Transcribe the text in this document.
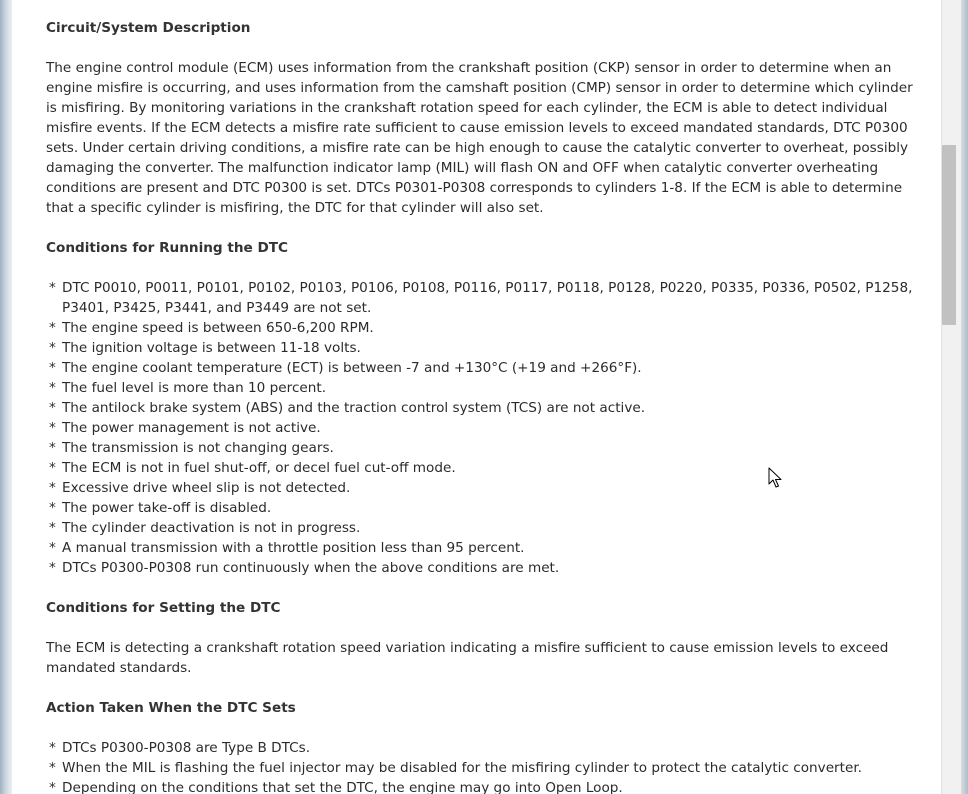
Circuit/System Description

The engine control module (ECM) uses information from the crankshaft position (CKP) sensor in order to determine when an engine misfire is occurring, and uses information from the camshaft position (CMP) sensor in order to determine which cylinder is misfiring. By monitoring variations in the crankshaft rotation speed for each cylinder, the ECM is able to detect individual misfire events. If the ECM detects a misfire rate sufficient to cause emission levels to exceed mandated standards, DTC P0300 sets. Under certain driving conditions, a misfire rate can be high enough to cause the catalytic converter to overheat, possibly damaging the converter. The malfunction indicator lamp (MIL) will flash ON and OFF when catalytic converter overheating conditions are present and DTC P0300 is set. DTCs P0301-P0308 corresponds to cylinders 1-8. If the ECM is able to determine that a specific cylinder is misfiring, the DTC for that cylinder will also set.

Conditions for Running the DTC
* DTC P0010, P0011, P0101, P0102, P0103, P0106, P0108, P0116, P0117, P0118, P0128, P0220, P0335, P0336, P0502, P1258, P3401, P3425, P3441, and P3449 are not set.
* The engine speed is between 650-6,200 RPM.
* The ignition voltage is between 11-18 volts.
* The engine coolant temperature (ECT) is between -7 and +130°C (+19 and +266°F).
* The fuel level is more than 10 percent.
* The antilock brake system (ABS) and the traction control system (TCS) are not active.
* The power management is not active.
* The transmission is not changing gears.
* The ECM is not in fuel shut-off, or decel fuel cut-off mode.
* Excessive drive wheel slip is not detected.
* The power take-off is disabled.
* The cylinder deactivation is not in progress.
* A manual transmission with a throttle position less than 95 percent.
* DTCs P0300-P0308 run continuously when the above conditions are met.
Conditions for Setting the DTC

The ECM is detecting a crankshaft rotation speed variation indicating a misfire sufficient to cause emission levels to exceed mandated standards.

Action Taken When the DTC Sets
* DTCs P0300-P0308 are Type B DTCs.
* When the MIL is flashing the fuel injector may be disabled for the misfiring cylinder to protect the catalytic converter.
* Depending on the conditions that set the DTC, the engine may go into Open Loop.
